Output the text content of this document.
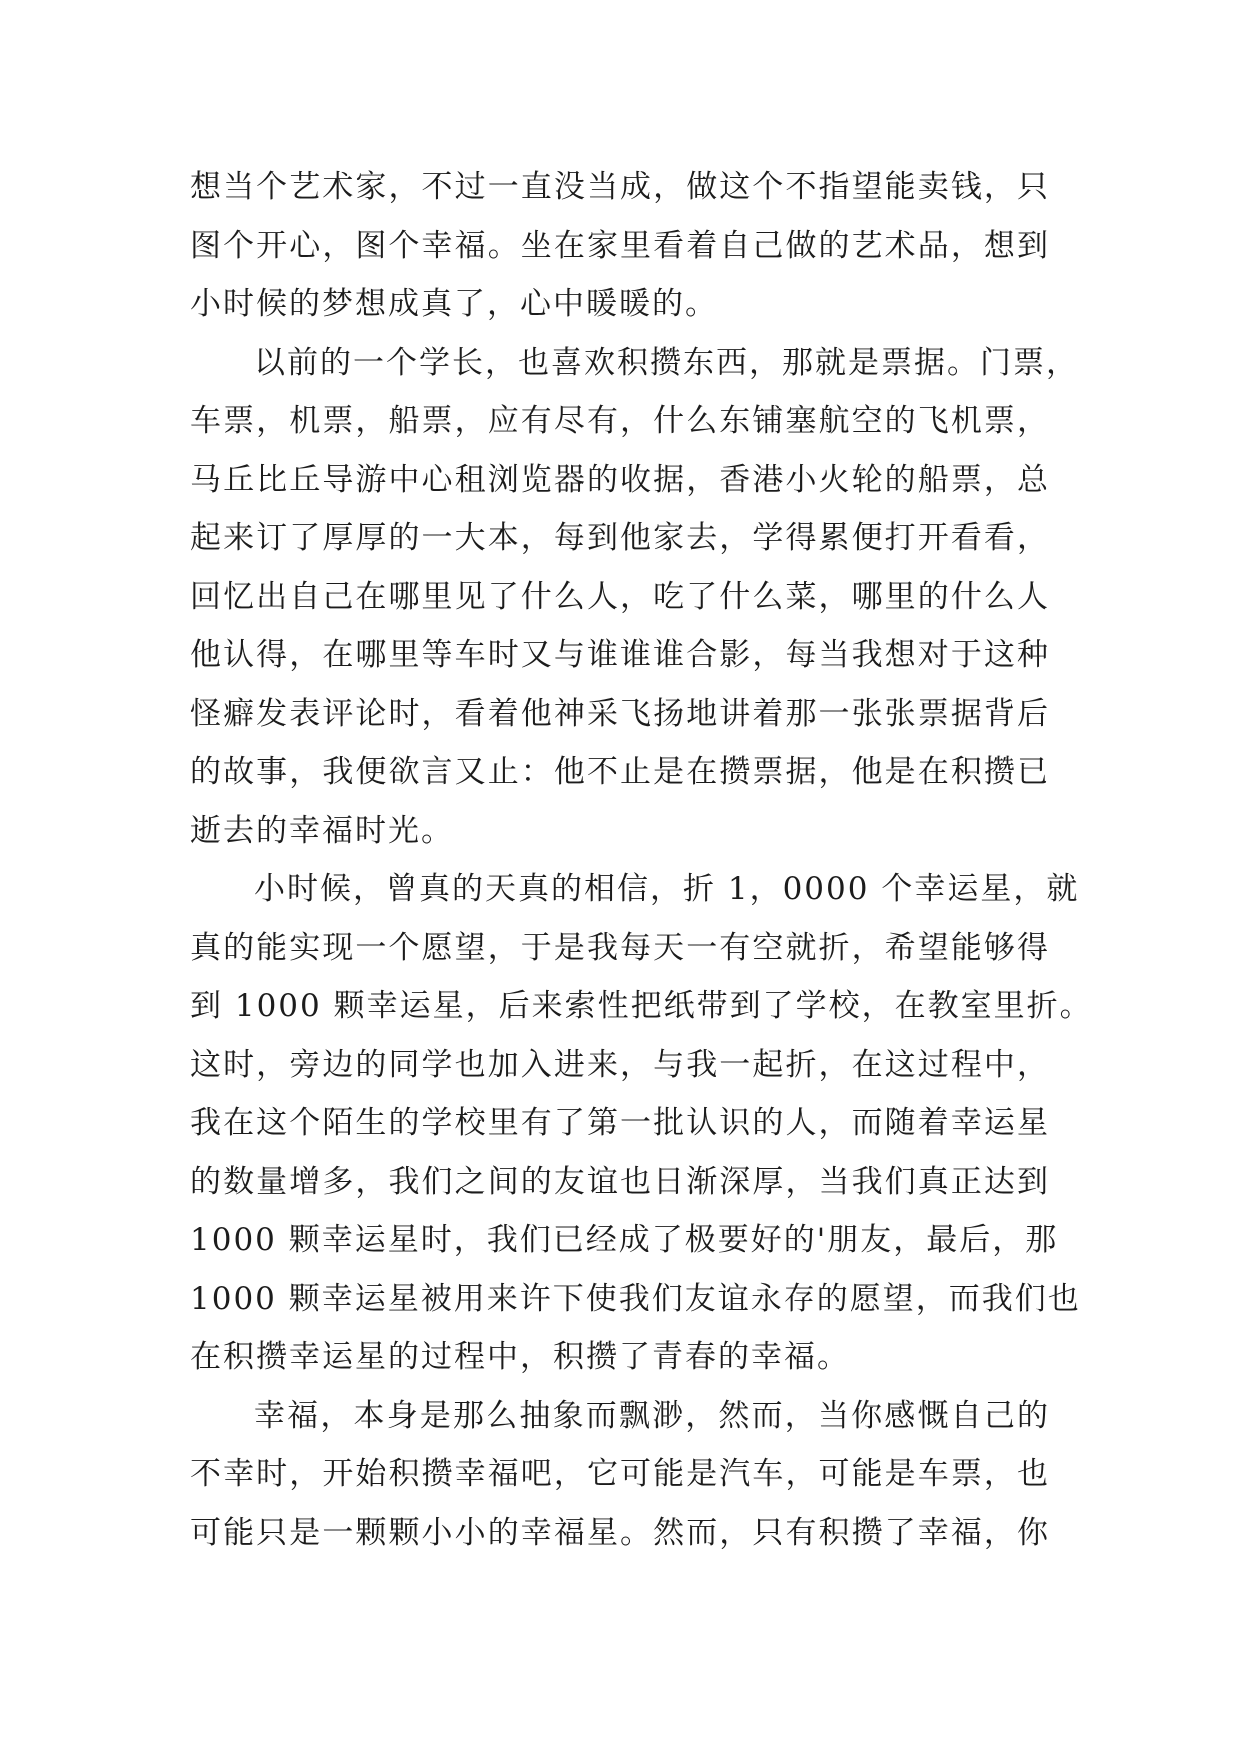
想当个艺术家，不过一直没当成，做这个不指望能卖钱，只
图个开心，图个幸福。坐在家里看着自己做的艺术品，想到
小时候的梦想成真了，心中暖暖的。
以前的一个学长，也喜欢积攒东西，那就是票据。门票，
车票，机票，船票，应有尽有，什么东铺塞航空的飞机票，
马丘比丘导游中心租浏览器的收据，香港小火轮的船票，总
起来订了厚厚的一大本，每到他家去，学得累便打开看看，
回忆出自己在哪里见了什么人，吃了什么菜，哪里的什么人
他认得，在哪里等车时又与谁谁谁合影，每当我想对于这种
怪癖发表评论时，看着他神采飞扬地讲着那一张张票据背后
的故事，我便欲言又止：他不止是在攒票据，他是在积攒已
逝去的幸福时光。
小时候，曾真的天真的相信，折 1，0000 个幸运星，就
真的能实现一个愿望，于是我每天一有空就折，希望能够得
到 1000 颗幸运星，后来索性把纸带到了学校，在教室里折。
这时，旁边的同学也加入进来，与我一起折，在这过程中，
我在这个陌生的学校里有了第一批认识的人，而随着幸运星
的数量增多，我们之间的友谊也日渐深厚，当我们真正达到
1000 颗幸运星时，我们已经成了极要好的'朋友，最后，那
1000 颗幸运星被用来许下使我们友谊永存的愿望，而我们也
在积攒幸运星的过程中，积攒了青春的幸福。
幸福，本身是那么抽象而飘渺，然而，当你感慨自己的
不幸时，开始积攒幸福吧，它可能是汽车，可能是车票，也
可能只是一颗颗小小的幸福星。然而，只有积攒了幸福，你
